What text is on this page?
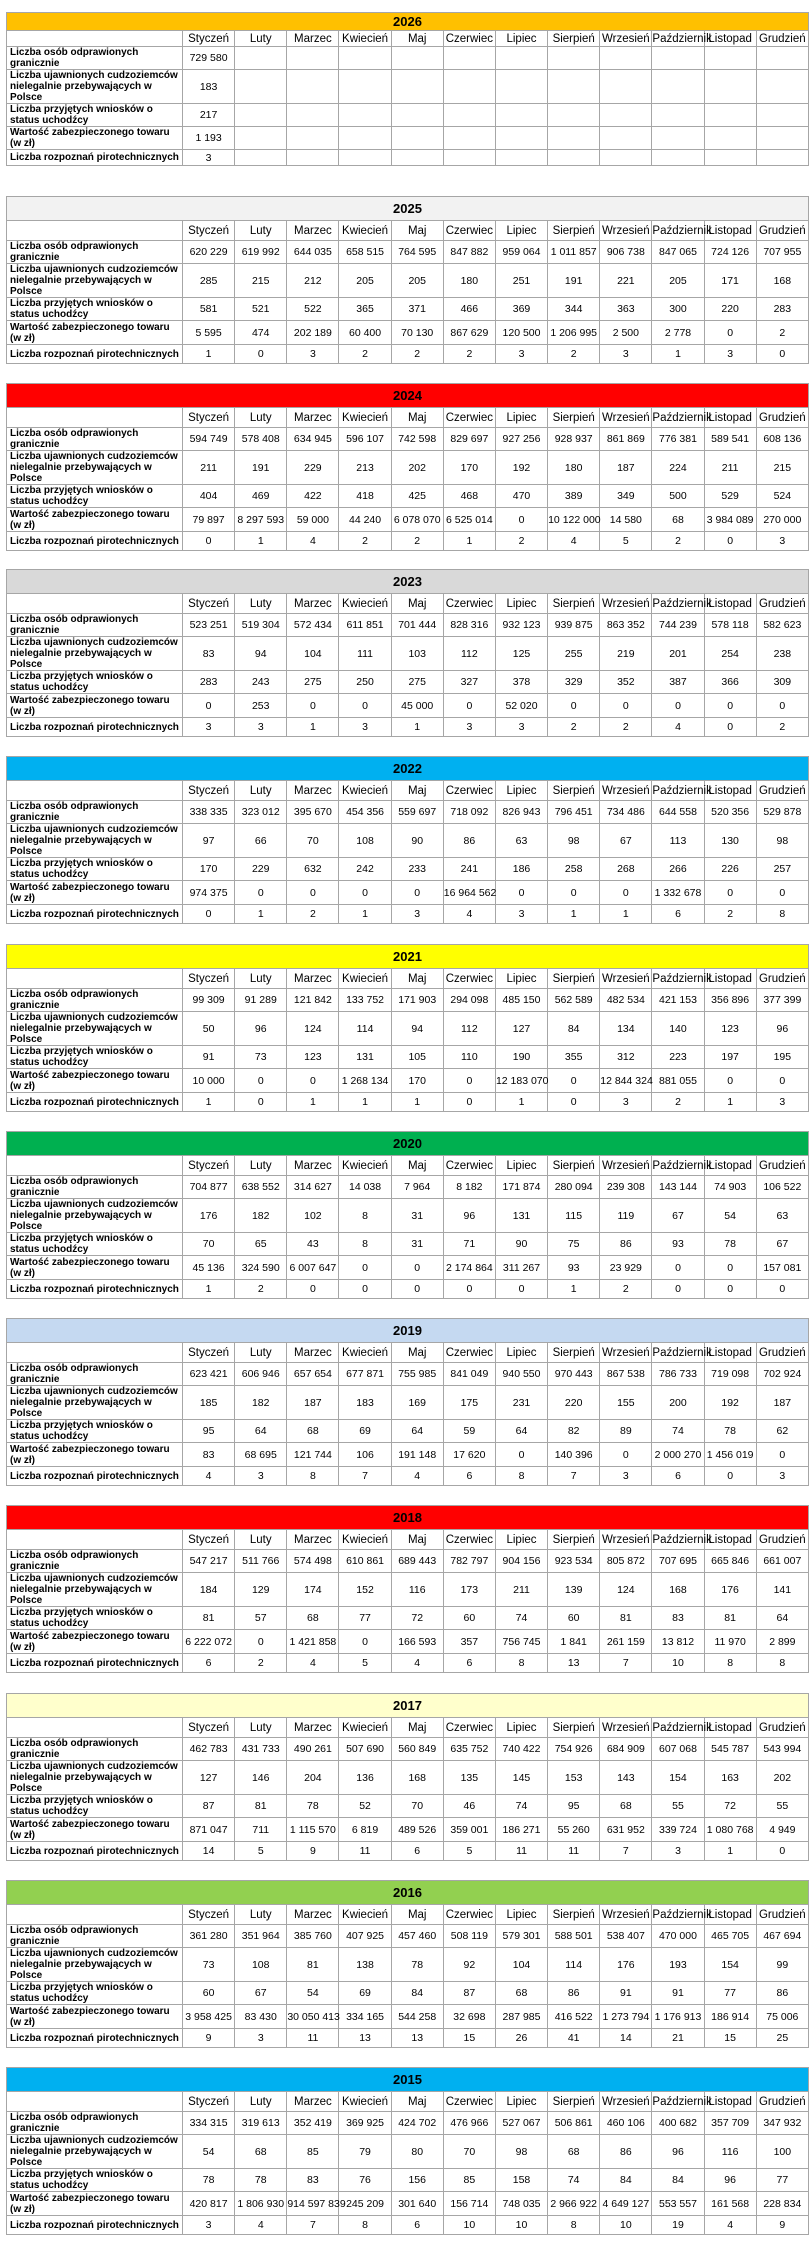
2026												
	Styczeń	Luty	Marzec	Kwiecień	Maj	Czerwiec	Lipiec	Sierpień	Wrzesień	Październik	Listopad	Grudzień
Liczba osób odprawionych granicznie	729 580											
Liczba ujawnionych cudzoziemców nielegalnie przebywających w Polsce	183											
Liczba przyjętych wniosków o status uchodźcy	217											
Wartość zabezpieczonego towaru (w zł)	1 193											
Liczba rozpoznań pirotechnicznych	3											
2025												
	Styczeń	Luty	Marzec	Kwiecień	Maj	Czerwiec	Lipiec	Sierpień	Wrzesień	Październik	Listopad	Grudzień
Liczba osób odprawionych granicznie	620 229	619 992	644 035	658 515	764 595	847 882	959 064	1 011 857	906 738	847 065	724 126	707 955
Liczba ujawnionych cudzoziemców nielegalnie przebywających w Polsce	285	215	212	205	205	180	251	191	221	205	171	168
Liczba przyjętych wniosków o status uchodźcy	581	521	522	365	371	466	369	344	363	300	220	283
Wartość zabezpieczonego towaru (w zł)	5 595	474	202 189	60 400	70 130	867 629	120 500	1 206 995	2 500	2 778	0	2
Liczba rozpoznań pirotechnicznych	1	0	3	2	2	2	3	2	3	1	3	0
2024												
	Styczeń	Luty	Marzec	Kwiecień	Maj	Czerwiec	Lipiec	Sierpień	Wrzesień	Październik	Listopad	Grudzień
Liczba osób odprawionych granicznie	594 749	578 408	634 945	596 107	742 598	829 697	927 256	928 937	861 869	776 381	589 541	608 136
Liczba ujawnionych cudzoziemców nielegalnie przebywających w Polsce	211	191	229	213	202	170	192	180	187	224	211	215
Liczba przyjętych wniosków o status uchodźcy	404	469	422	418	425	468	470	389	349	500	529	524
Wartość zabezpieczonego towaru (w zł)	79 897	8 297 593	59 000	44 240	6 078 070	6 525 014	0	10 122 000	14 580	68	3 984 089	270 000
Liczba rozpoznań pirotechnicznych	0	1	4	2	2	1	2	4	5	2	0	3
2023												
	Styczeń	Luty	Marzec	Kwiecień	Maj	Czerwiec	Lipiec	Sierpień	Wrzesień	Październik	Listopad	Grudzień
Liczba osób odprawionych granicznie	523 251	519 304	572 434	611 851	701 444	828 316	932 123	939 875	863 352	744 239	578 118	582 623
Liczba ujawnionych cudzoziemców nielegalnie przebywających w Polsce	83	94	104	111	103	112	125	255	219	201	254	238
Liczba przyjętych wniosków o status uchodźcy	283	243	275	250	275	327	378	329	352	387	366	309
Wartość zabezpieczonego towaru (w zł)	0	253	0	0	45 000	0	52 020	0	0	0	0	0
Liczba rozpoznań pirotechnicznych	3	3	1	3	1	3	3	2	2	4	0	2
2022												
	Styczeń	Luty	Marzec	Kwiecień	Maj	Czerwiec	Lipiec	Sierpień	Wrzesień	Październik	Listopad	Grudzień
Liczba osób odprawionych granicznie	338 335	323 012	395 670	454 356	559 697	718 092	826 943	796 451	734 486	644 558	520 356	529 878
Liczba ujawnionych cudzoziemców nielegalnie przebywających w Polsce	97	66	70	108	90	86	63	98	67	113	130	98
Liczba przyjętych wniosków o status uchodźcy	170	229	632	242	233	241	186	258	268	266	226	257
Wartość zabezpieczonego towaru (w zł)	974 375	0	0	0	0	16 964 562	0	0	0	1 332 678	0	0
Liczba rozpoznań pirotechnicznych	0	1	2	1	3	4	3	1	1	6	2	8
2021												
	Styczeń	Luty	Marzec	Kwiecień	Maj	Czerwiec	Lipiec	Sierpień	Wrzesień	Październik	Listopad	Grudzień
Liczba osób odprawionych granicznie	99 309	91 289	121 842	133 752	171 903	294 098	485 150	562 589	482 534	421 153	356 896	377 399
Liczba ujawnionych cudzoziemców nielegalnie przebywających w Polsce	50	96	124	114	94	112	127	84	134	140	123	96
Liczba przyjętych wniosków o status uchodźcy	91	73	123	131	105	110	190	355	312	223	197	195
Wartość zabezpieczonego towaru (w zł)	10 000	0	0	1 268 134	170	0	12 183 070	0	12 844 324	881 055	0	0
Liczba rozpoznań pirotechnicznych	1	0	1	1	1	0	1	0	3	2	1	3
2020												
	Styczeń	Luty	Marzec	Kwiecień	Maj	Czerwiec	Lipiec	Sierpień	Wrzesień	Październik	Listopad	Grudzień
Liczba osób odprawionych granicznie	704 877	638 552	314 627	14 038	7 964	8 182	171 874	280 094	239 308	143 144	74 903	106 522
Liczba ujawnionych cudzoziemców nielegalnie przebywających w Polsce	176	182	102	8	31	96	131	115	119	67	54	63
Liczba przyjętych wniosków o status uchodźcy	70	65	43	8	31	71	90	75	86	93	78	67
Wartość zabezpieczonego towaru (w zł)	45 136	324 590	6 007 647	0	0	2 174 864	311 267	93	23 929	0	0	157 081
Liczba rozpoznań pirotechnicznych	1	2	0	0	0	0	0	1	2	0	0	0
2019												
	Styczeń	Luty	Marzec	Kwiecień	Maj	Czerwiec	Lipiec	Sierpień	Wrzesień	Październik	Listopad	Grudzień
Liczba osób odprawionych granicznie	623 421	606 946	657 654	677 871	755 985	841 049	940 550	970 443	867 538	786 733	719 098	702 924
Liczba ujawnionych cudzoziemców nielegalnie przebywających w Polsce	185	182	187	183	169	175	231	220	155	200	192	187
Liczba przyjętych wniosków o status uchodźcy	95	64	68	69	64	59	64	82	89	74	78	62
Wartość zabezpieczonego towaru (w zł)	83	68 695	121 744	106	191 148	17 620	0	140 396	0	2 000 270	1 456 019	0
Liczba rozpoznań pirotechnicznych	4	3	8	7	4	6	8	7	3	6	0	3
2018												
	Styczeń	Luty	Marzec	Kwiecień	Maj	Czerwiec	Lipiec	Sierpień	Wrzesień	Październik	Listopad	Grudzień
Liczba osób odprawionych granicznie	547 217	511 766	574 498	610 861	689 443	782 797	904 156	923 534	805 872	707 695	665 846	661 007
Liczba ujawnionych cudzoziemców nielegalnie przebywających w Polsce	184	129	174	152	116	173	211	139	124	168	176	141
Liczba przyjętych wniosków o status uchodźcy	81	57	68	77	72	60	74	60	81	83	81	64
Wartość zabezpieczonego towaru (w zł)	6 222 072	0	1 421 858	0	166 593	357	756 745	1 841	261 159	13 812	11 970	2 899
Liczba rozpoznań pirotechnicznych	6	2	4	5	4	6	8	13	7	10	8	8
2017												
	Styczeń	Luty	Marzec	Kwiecień	Maj	Czerwiec	Lipiec	Sierpień	Wrzesień	Październik	Listopad	Grudzień
Liczba osób odprawionych granicznie	462 783	431 733	490 261	507 690	560 849	635 752	740 422	754 926	684 909	607 068	545 787	543 994
Liczba ujawnionych cudzoziemców nielegalnie przebywających w Polsce	127	146	204	136	168	135	145	153	143	154	163	202
Liczba przyjętych wniosków o status uchodźcy	87	81	78	52	70	46	74	95	68	55	72	55
Wartość zabezpieczonego towaru (w zł)	871 047	711	1 115 570	6 819	489 526	359 001	186 271	55 260	631 952	339 724	1 080 768	4 949
Liczba rozpoznań pirotechnicznych	14	5	9	11	6	5	11	11	7	3	1	0
2016												
	Styczeń	Luty	Marzec	Kwiecień	Maj	Czerwiec	Lipiec	Sierpień	Wrzesień	Październik	Listopad	Grudzień
Liczba osób odprawionych granicznie	361 280	351 964	385 760	407 925	457 460	508 119	579 301	588 501	538 407	470 000	465 705	467 694
Liczba ujawnionych cudzoziemców nielegalnie przebywających w Polsce	73	108	81	138	78	92	104	114	176	193	154	99
Liczba przyjętych wniosków o status uchodźcy	60	67	54	69	84	87	68	86	91	91	77	86
Wartość zabezpieczonego towaru (w zł)	3 958 425	83 430	30 050 413	334 165	544 258	32 698	287 985	416 522	1 273 794	1 176 913	186 914	75 006
Liczba rozpoznań pirotechnicznych	9	3	11	13	13	15	26	41	14	21	15	25
2015												
	Styczeń	Luty	Marzec	Kwiecień	Maj	Czerwiec	Lipiec	Sierpień	Wrzesień	Październik	Listopad	Grudzień
Liczba osób odprawionych granicznie	334 315	319 613	352 419	369 925	424 702	476 966	527 067	506 861	460 106	400 682	357 709	347 932
Liczba ujawnionych cudzoziemców nielegalnie przebywających w Polsce	54	68	85	79	80	70	98	68	86	96	116	100
Liczba przyjętych wniosków o status uchodźcy	78	78	83	76	156	85	158	74	84	84	96	77
Wartość zabezpieczonego towaru (w zł)	420 817	1 806 930	914 597 839	245 209	301 640	156 714	748 035	2 966 922	4 649 127	553 557	161 568	228 834
Liczba rozpoznań pirotechnicznych	3	4	7	8	6	10	10	8	10	19	4	9
